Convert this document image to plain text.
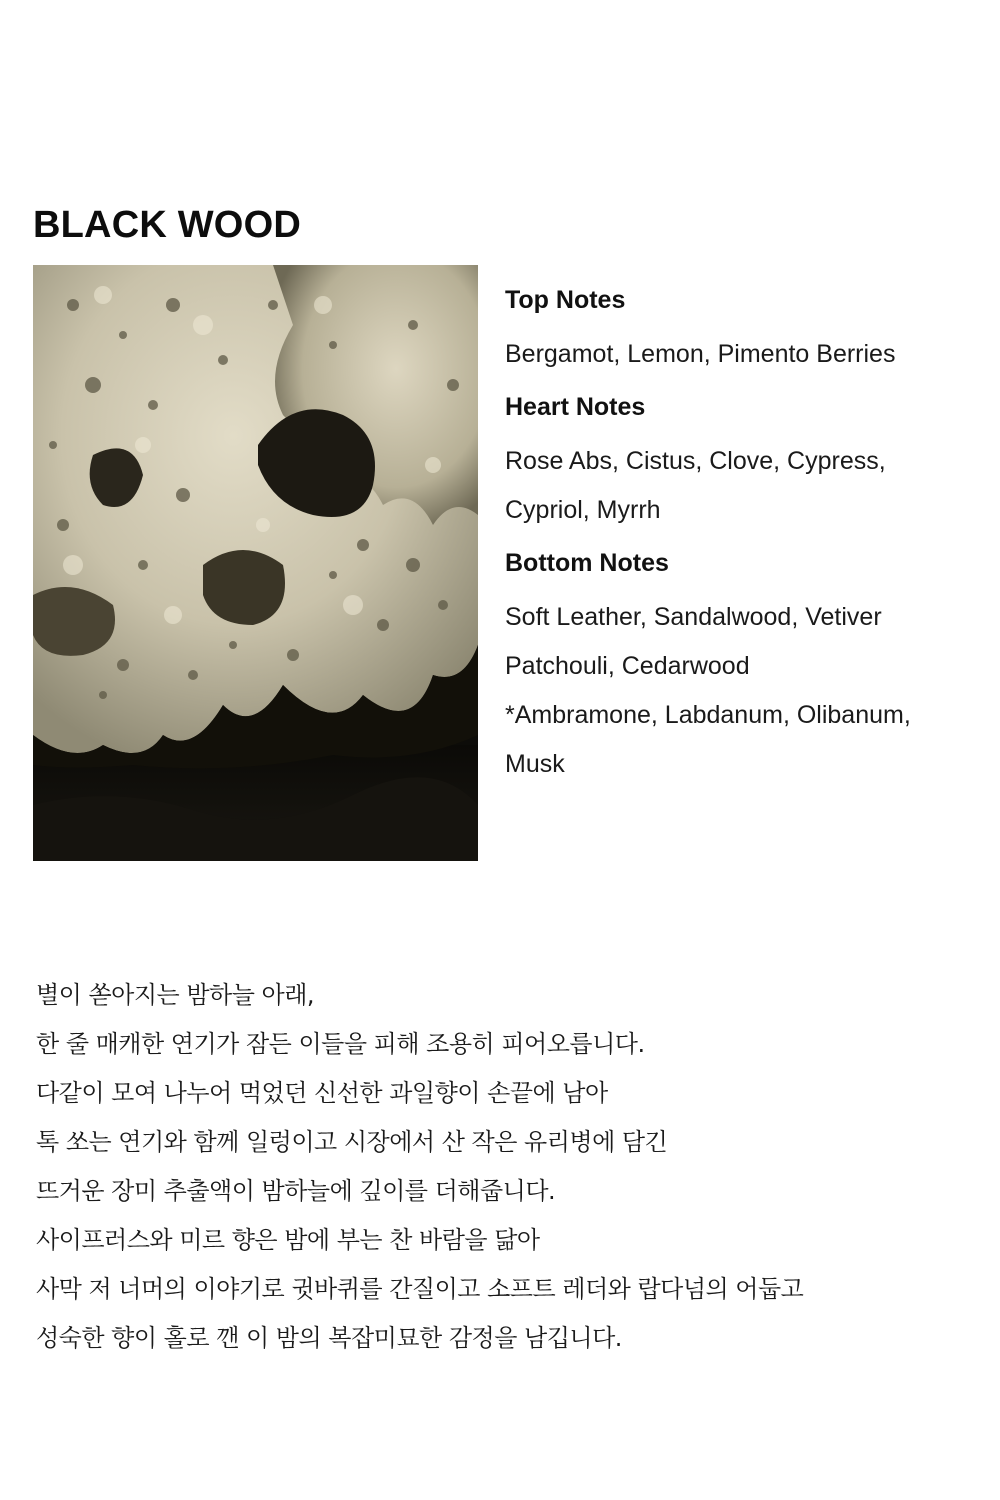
BLACK WOOD
Top Notes
Bergamot, Lemon, Pimento Berries
Heart Notes
Rose Abs, Cistus, Clove, Cypress,
Cypriol, Myrrh
Bottom Notes
Soft Leather, Sandalwood, Vetiver
Patchouli, Cedarwood
*Ambramone, Labdanum, Olibanum,
Musk
별이 쏟아지는 밤하늘 아래,
한 줄 매캐한 연기가 잠든 이들을 피해 조용히 피어오릅니다.
다같이 모여 나누어 먹었던 신선한 과일향이 손끝에 남아
톡 쏘는 연기와 함께 일렁이고 시장에서 산 작은 유리병에 담긴
뜨거운 장미 추출액이 밤하늘에 깊이를 더해줍니다.
사이프러스와 미르 향은 밤에 부는 찬 바람을 닮아
사막 저 너머의 이야기로 귓바퀴를 간질이고 소프트 레더와 랍다넘의 어둡고
성숙한 향이 홀로 깬 이 밤의 복잡미묘한 감정을 남깁니다.
